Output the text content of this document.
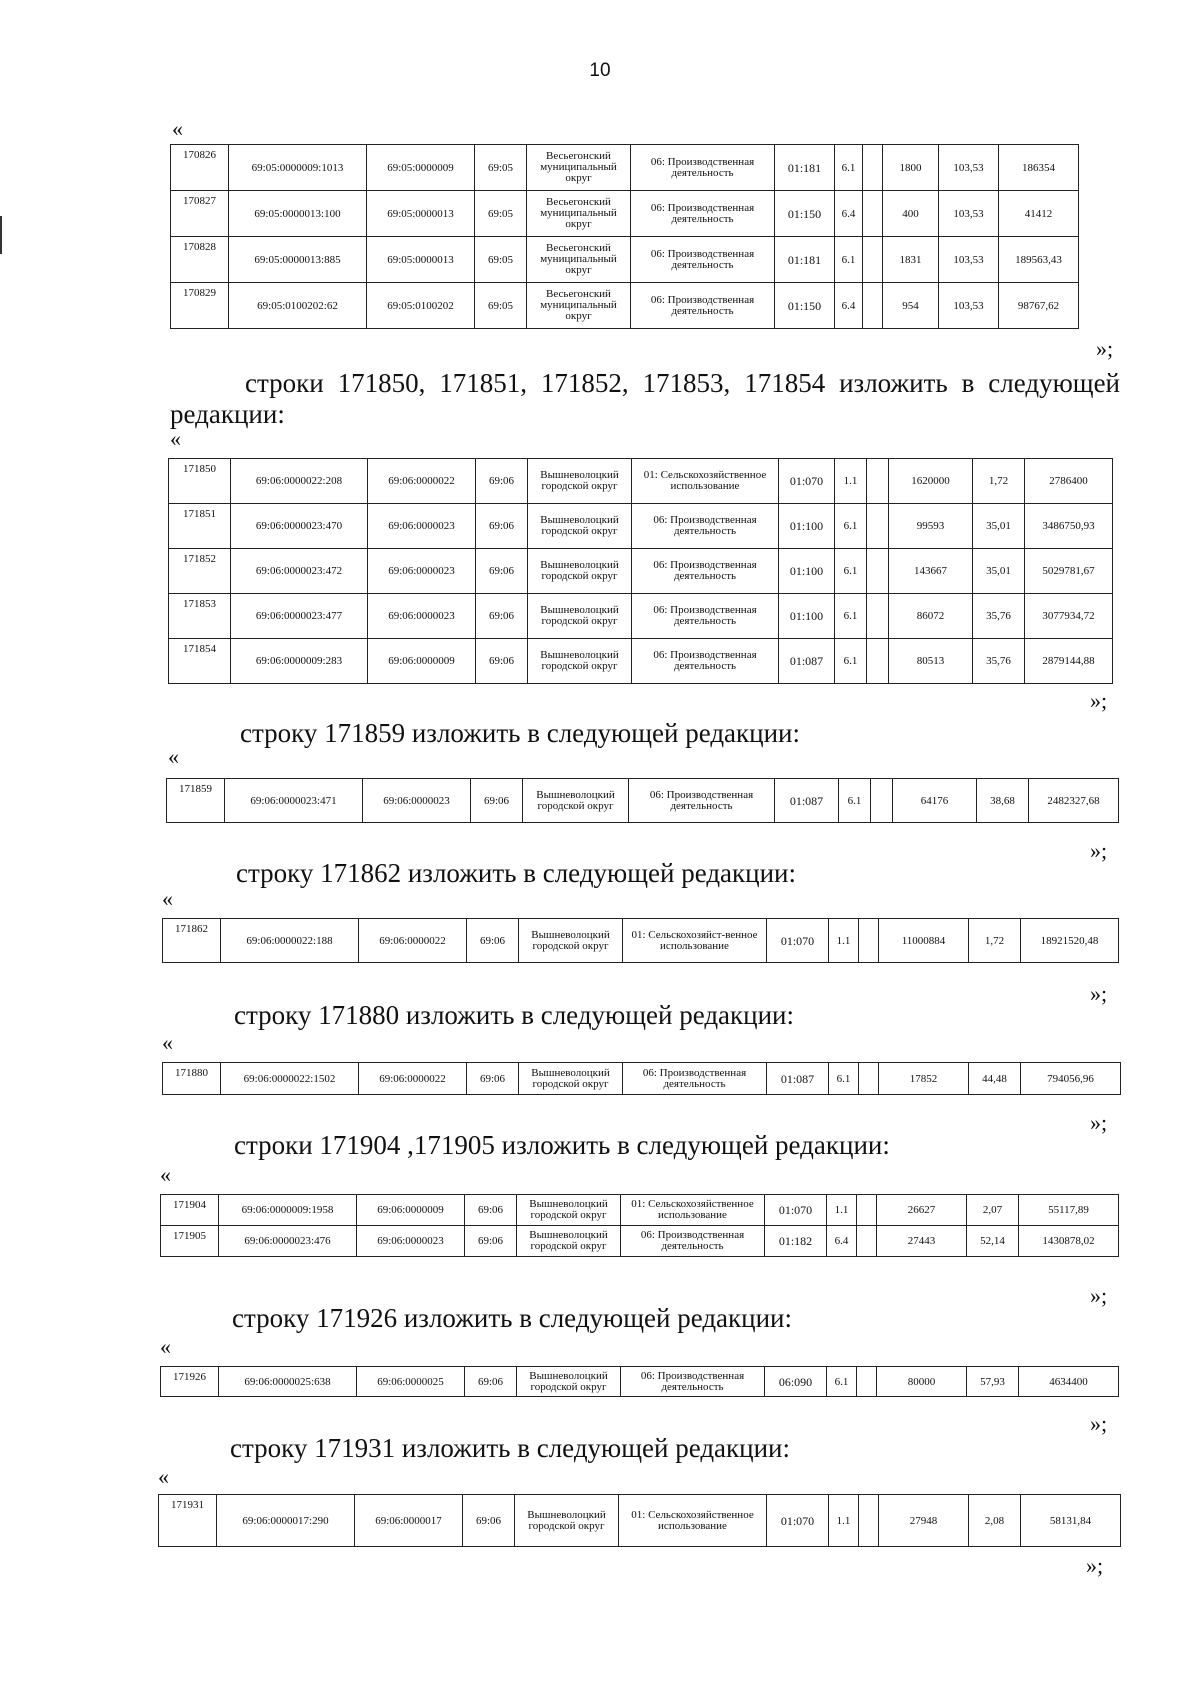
10
«
170826	69:05:0000009:1013	69:05:0000009	69:05	Весьегонский муниципальный округ	06: Производственная деятельность	01:181	6.1		1800	103,53	186354
170827	69:05:0000013:100	69:05:0000013	69:05	Весьегонский муниципальный округ	06: Производственная деятельность	01:150	6.4		400	103,53	41412
170828	69:05:0000013:885	69:05:0000013	69:05	Весьегонский муниципальный округ	06: Производственная деятельность	01:181	6.1		1831	103,53	189563,43
170829	69:05:0100202:62	69:05:0100202	69:05	Весьегонский муниципальный округ	06: Производственная деятельность	01:150	6.4		954	103,53	98767,62

строки 171850, 171851, 171852, 171853, 171854 изложить в следующей редакции:

«
171850	69:06:0000022:208	69:06:0000022	69:06	Вышневолоцкий городской округ	01: Сельскохозяйственное использование	01:070	1.1		1620000	1,72	2786400
171851	69:06:0000023:470	69:06:0000023	69:06	Вышневолоцкий городской округ	06: Производственная деятельность	01:100	6.1		99593	35,01	3486750,93
171852	69:06:0000023:472	69:06:0000023	69:06	Вышневолоцкий городской округ	06: Производственная деятельность	01:100	6.1		143667	35,01	5029781,67
171853	69:06:0000023:477	69:06:0000023	69:06	Вышневолоцкий городской округ	06: Производственная деятельность	01:100	6.1		86072	35,76	3077934,72
171854	69:06:0000009:283	69:06:0000009	69:06	Вышневолоцкий городской округ	06: Производственная деятельность	01:087	6.1		80513	35,76	2879144,88
»;

строку 171859 изложить в следующей редакции:

«
171859	69:06:0000023:471	69:06:0000023	69:06	Вышневолоцкий городской округ	06: Производственная деятельность	01:087	6.1		64176	38,68	2482327,68
»;

строку 171862 изложить в следующей редакции:

«
171862	69:06:0000022:188	69:06:0000022	69:06	Вышневолоцкий городской округ	01: Сельскохозяйст-венное использование	01:070	1.1		11000884	1,72	18921520,48
»;

строку 171880 изложить в следующей редакции:

«
171880	69:06:0000022:1502	69:06:0000022	69:06	Вышневолоцкий городской округ	06: Производственная деятельность	01:087	6.1		17852	44,48	794056,96
»;

строки 171904 ,171905 изложить в следующей редакции:

«
171904	69:06:0000009:1958	69:06:0000009	69:06	Вышневолоцкий городской округ	01: Сельскохозяйственное использование	01:070	1.1		26627	2,07	55117,89
171905	69:06:0000023:476	69:06:0000023	69:06	Вышневолоцкий городской округ	06: Производственная деятельность	01:182	6.4		27443	52,14	1430878,02
»;

строку 171926 изложить в следующей редакции:

«
171926	69:06:0000025:638	69:06:0000025	69:06	Вышневолоцкий городской округ	06: Производственная деятельность	06:090	6.1		80000	57,93	4634400
»;

строку 171931 изложить в следующей редакции:

«
171931	69:06:0000017:290	69:06:0000017	69:06	Вышневолоцкий городской округ	01: Сельскохозяйственное использование	01:070	1.1		27948	2,08	58131,84
»;
»;
